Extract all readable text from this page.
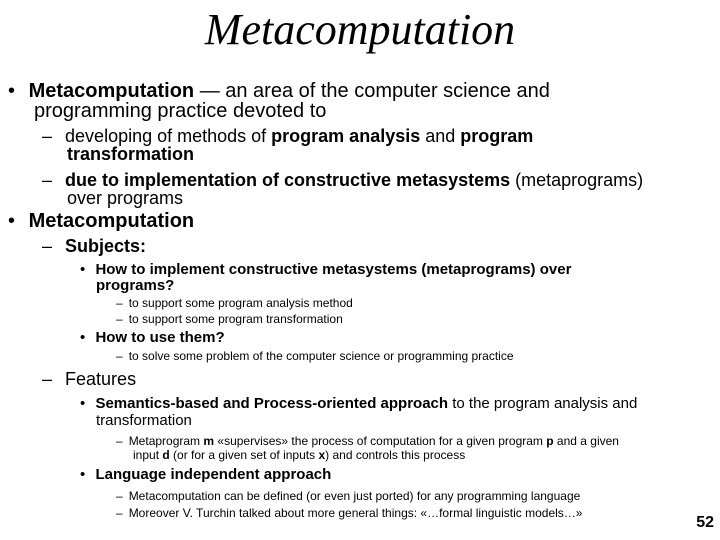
Metacomputation
• Metacomputation — an area of the computer science and
programming practice devoted to
– developing of methods of program analysis and program
transformation
– due to implementation of constructive metasystems (metaprograms)
over programs
• Metacomputation
– Subjects:
• How to implement constructive metasystems (metaprograms) over
programs?
– to support some program analysis method
– to support some program transformation
• How to use them?
– to solve some problem of the computer science or programming practice
– Features
• Semantics-based and Process-oriented approach to the program analysis and
transformation
– Metaprogram m «supervises» the process of computation for a given program p and a given
input d (or for a given set of inputs x) and controls this process
• Language independent approach
– Metacomputation can be defined (or even just ported) for any programming language
– Moreover V. Turchin talked about more general things: «…formal linguistic models…»
52
